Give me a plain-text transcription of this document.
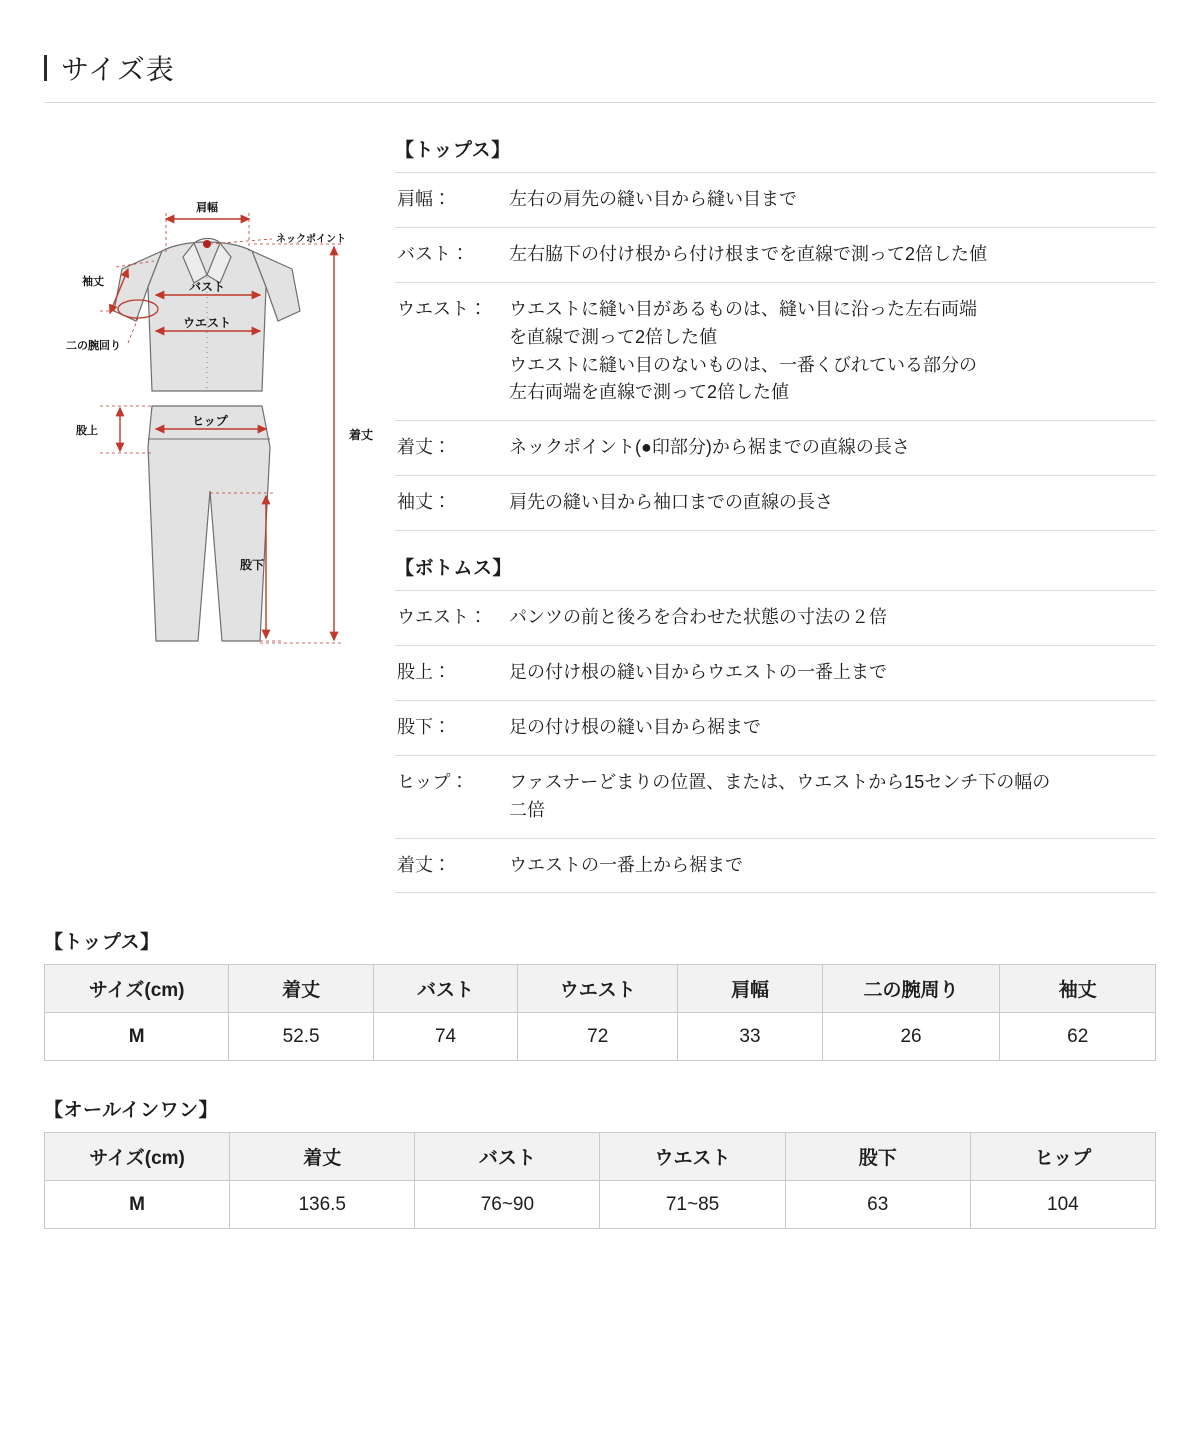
サイズ表
肩幅
ネックポイント
袖丈	バスト
ウエスト
二の腕回り
股上
ヒップ
着丈
股下
【トップス】
肩幅：	左右の肩先の縫い目から縫い目まで
バスト：	左右脇下の付け根から付け根までを直線で測って2倍した値
ウエスト：	ウエストに縫い目があるものは、縫い目に沿った左右両端
を直線で測って2倍した値
ウエストに縫い目のないものは、一番くびれている部分の
左右両端を直線で測って2倍した値
着丈：	ネックポイント(●印部分)から裾までの直線の長さ
袖丈：	肩先の縫い目から袖口までの直線の長さ
【ボトムス】
ウエスト：	パンツの前と後ろを合わせた状態の寸法の２倍
股上：	足の付け根の縫い目からウエストの一番上まで
股下：	足の付け根の縫い目から裾まで
ヒップ：	ファスナーどまりの位置、または、ウエストから15センチ下の幅の
二倍
着丈：	ウエストの一番上から裾まで
【トップス】
サイズ(cm)	着丈	バスト	ウエスト	肩幅	二の腕周り	袖丈
M	52.5	74	72	33	26	62
【オールインワン】
サイズ(cm)	着丈	バスト	ウエスト	股下	ヒップ
M	136.5	76~90	71~85	63	104
